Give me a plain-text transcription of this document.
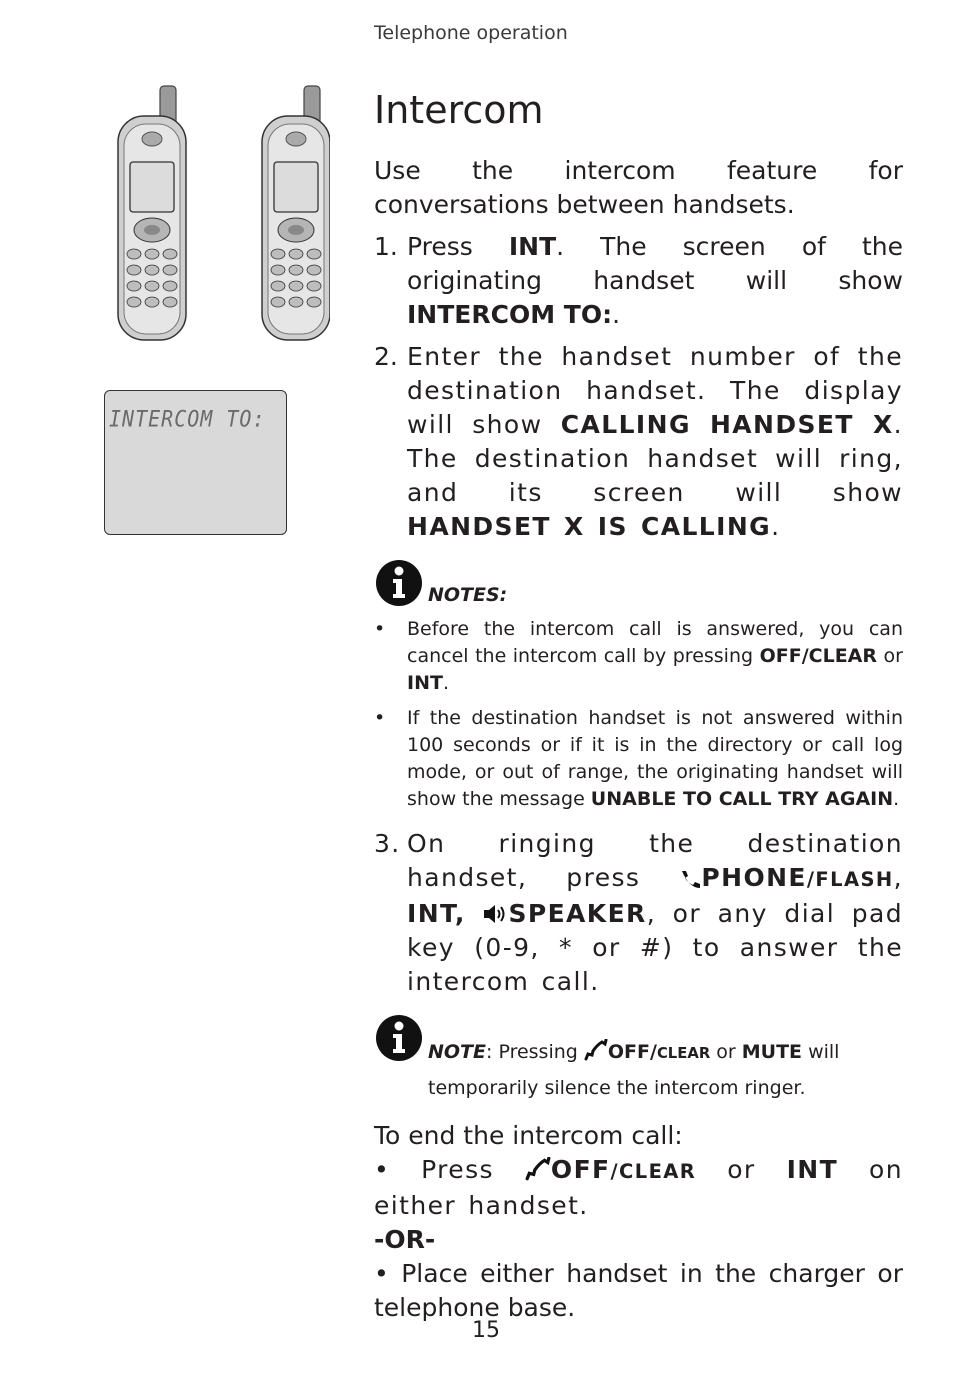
Telephone operation
INTERCOM TO:
Intercom
Use the intercom feature for conversations between handsets.
1. Press INT. The screen of the originating handset will show INTERCOM TO:.
2. Enter the handset number of the destination handset. The display will show CALLING HANDSET X. The destination handset will ring, and its screen will show HANDSET X IS CALLING.
NOTES:
•	Before the intercom call is answered, you can cancel the intercom call by pressing OFF/CLEAR or INT.
•	If the destination handset is not answered within 100 seconds or if it is in the directory or call log mode, or out of range, the originating handset will show the message UNABLE TO CALL TRY AGAIN.
3. On ringing the destination handset, press PHONE/FLASH, INT, SPEAKER, or any dial pad key (0-9, * or #) to answer the intercom call.
NOTE: Pressing OFF/CLEAR or MUTE will temporarily silence the intercom ringer.
To end the intercom call:
• Press OFF/CLEAR or INT on either handset.
-OR-
• Place either handset in the charger or telephone base.
15
